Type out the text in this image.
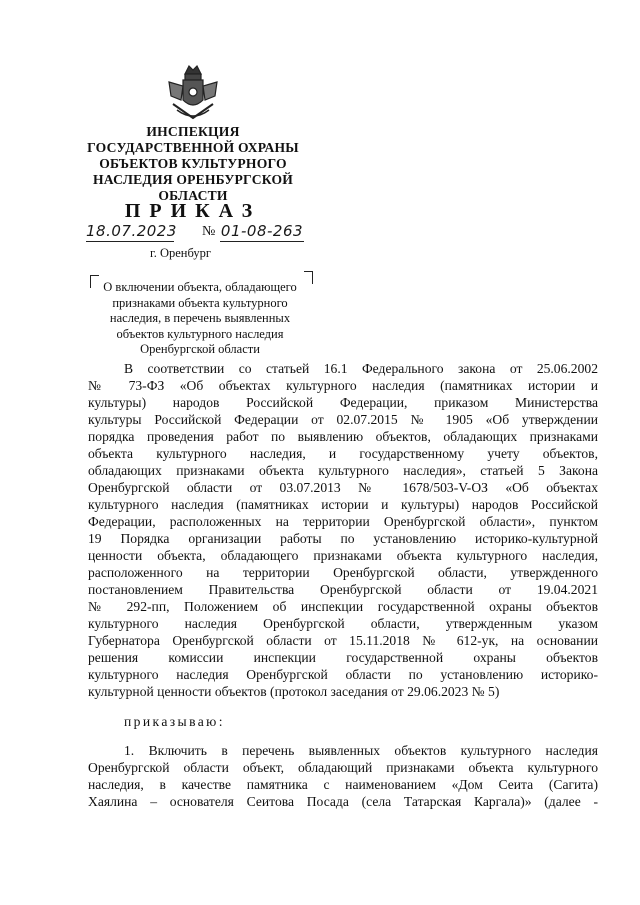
ИНСПЕКЦИЯ
ГОСУДАРСТВЕННОЙ ОХРАНЫ
ОБЪЕКТОВ КУЛЬТУРНОГО
НАСЛЕДИЯ ОРЕНБУРГСКОЙ
ОБЛАСТИ
ПРИКАЗ
18.07.2023 № 01-08-263
г. Оренбург
О включении объекта, обладающего
признаками объекта культурного
наследия, в перечень выявленных
объектов культурного наследия
Оренбургской области
В соответствии со статьей 16.1 Федерального закона от 25.06.2002
№ 73-ФЗ «Об объектах культурного наследия (памятниках истории и
культуры) народов Российской Федерации, приказом Министерства
культуры Российской Федерации от 02.07.2015 № 1905 «Об утверждении
порядка проведения работ по выявлению объектов, обладающих признаками
объекта культурного наследия, и государственному учету объектов,
обладающих признаками объекта культурного наследия», статьей 5 Закона
Оренбургской области от 03.07.2013 № 1678/503-V-ОЗ «Об объектах
культурного наследия (памятниках истории и культуры) народов Российской
Федерации, расположенных на территории Оренбургской области», пунктом
19 Порядка организации работы по установлению историко-культурной
ценности объекта, обладающего признаками объекта культурного наследия,
расположенного на территории Оренбургской области, утвержденного
постановлением Правительства Оренбургской области от 19.04.2021
№ 292-пп, Положением об инспекции государственной охраны объектов
культурного наследия Оренбургской области, утвержденным указом
Губернатора Оренбургской области от 15.11.2018 № 612-ук, на основании
решения комиссии инспекции государственной охраны объектов
культурного наследия Оренбургской области по установлению историко-
культурной ценности объектов (протокол заседания от 29.06.2023 № 5)
приказываю:
1. Включить в перечень выявленных объектов культурного наследия
Оренбургской области объект, обладающий признаками объекта культурного
наследия, в качестве памятника с наименованием «Дом Сеита (Сагита)
Хаялина – основателя Сеитова Посада (села Татарская Каргала)» (далее -
